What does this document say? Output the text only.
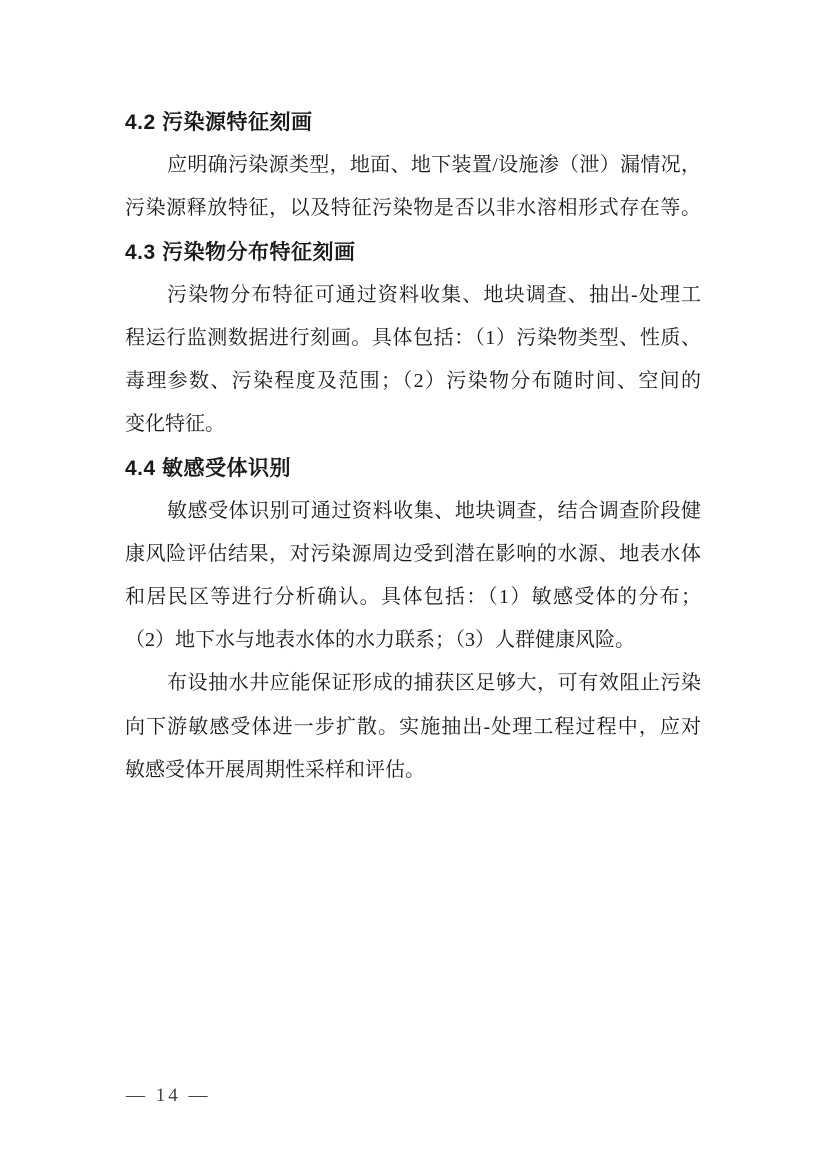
4.2 污染源特征刻画
应明确污染源类型，地面、地下装置/设施渗（泄）漏情况，
污染源释放特征，以及特征污染物是否以非水溶相形式存在等。
4.3 污染物分布特征刻画
污染物分布特征可通过资料收集、地块调查、抽出-处理工
程运行监测数据进行刻画。具体包括：（1）污染物类型、性质、
毒理参数、污染程度及范围；（2）污染物分布随时间、空间的
变化特征。
4.4 敏感受体识别
敏感受体识别可通过资料收集、地块调查，结合调查阶段健
康风险评估结果，对污染源周边受到潜在影响的水源、地表水体
和居民区等进行分析确认。具体包括：（1）敏感受体的分布；
（2）地下水与地表水体的水力联系；（3）人群健康风险。
布设抽水井应能保证形成的捕获区足够大，可有效阻止污染
向下游敏感受体进一步扩散。实施抽出-处理工程过程中，应对
敏感受体开展周期性采样和评估。
— 14 —
